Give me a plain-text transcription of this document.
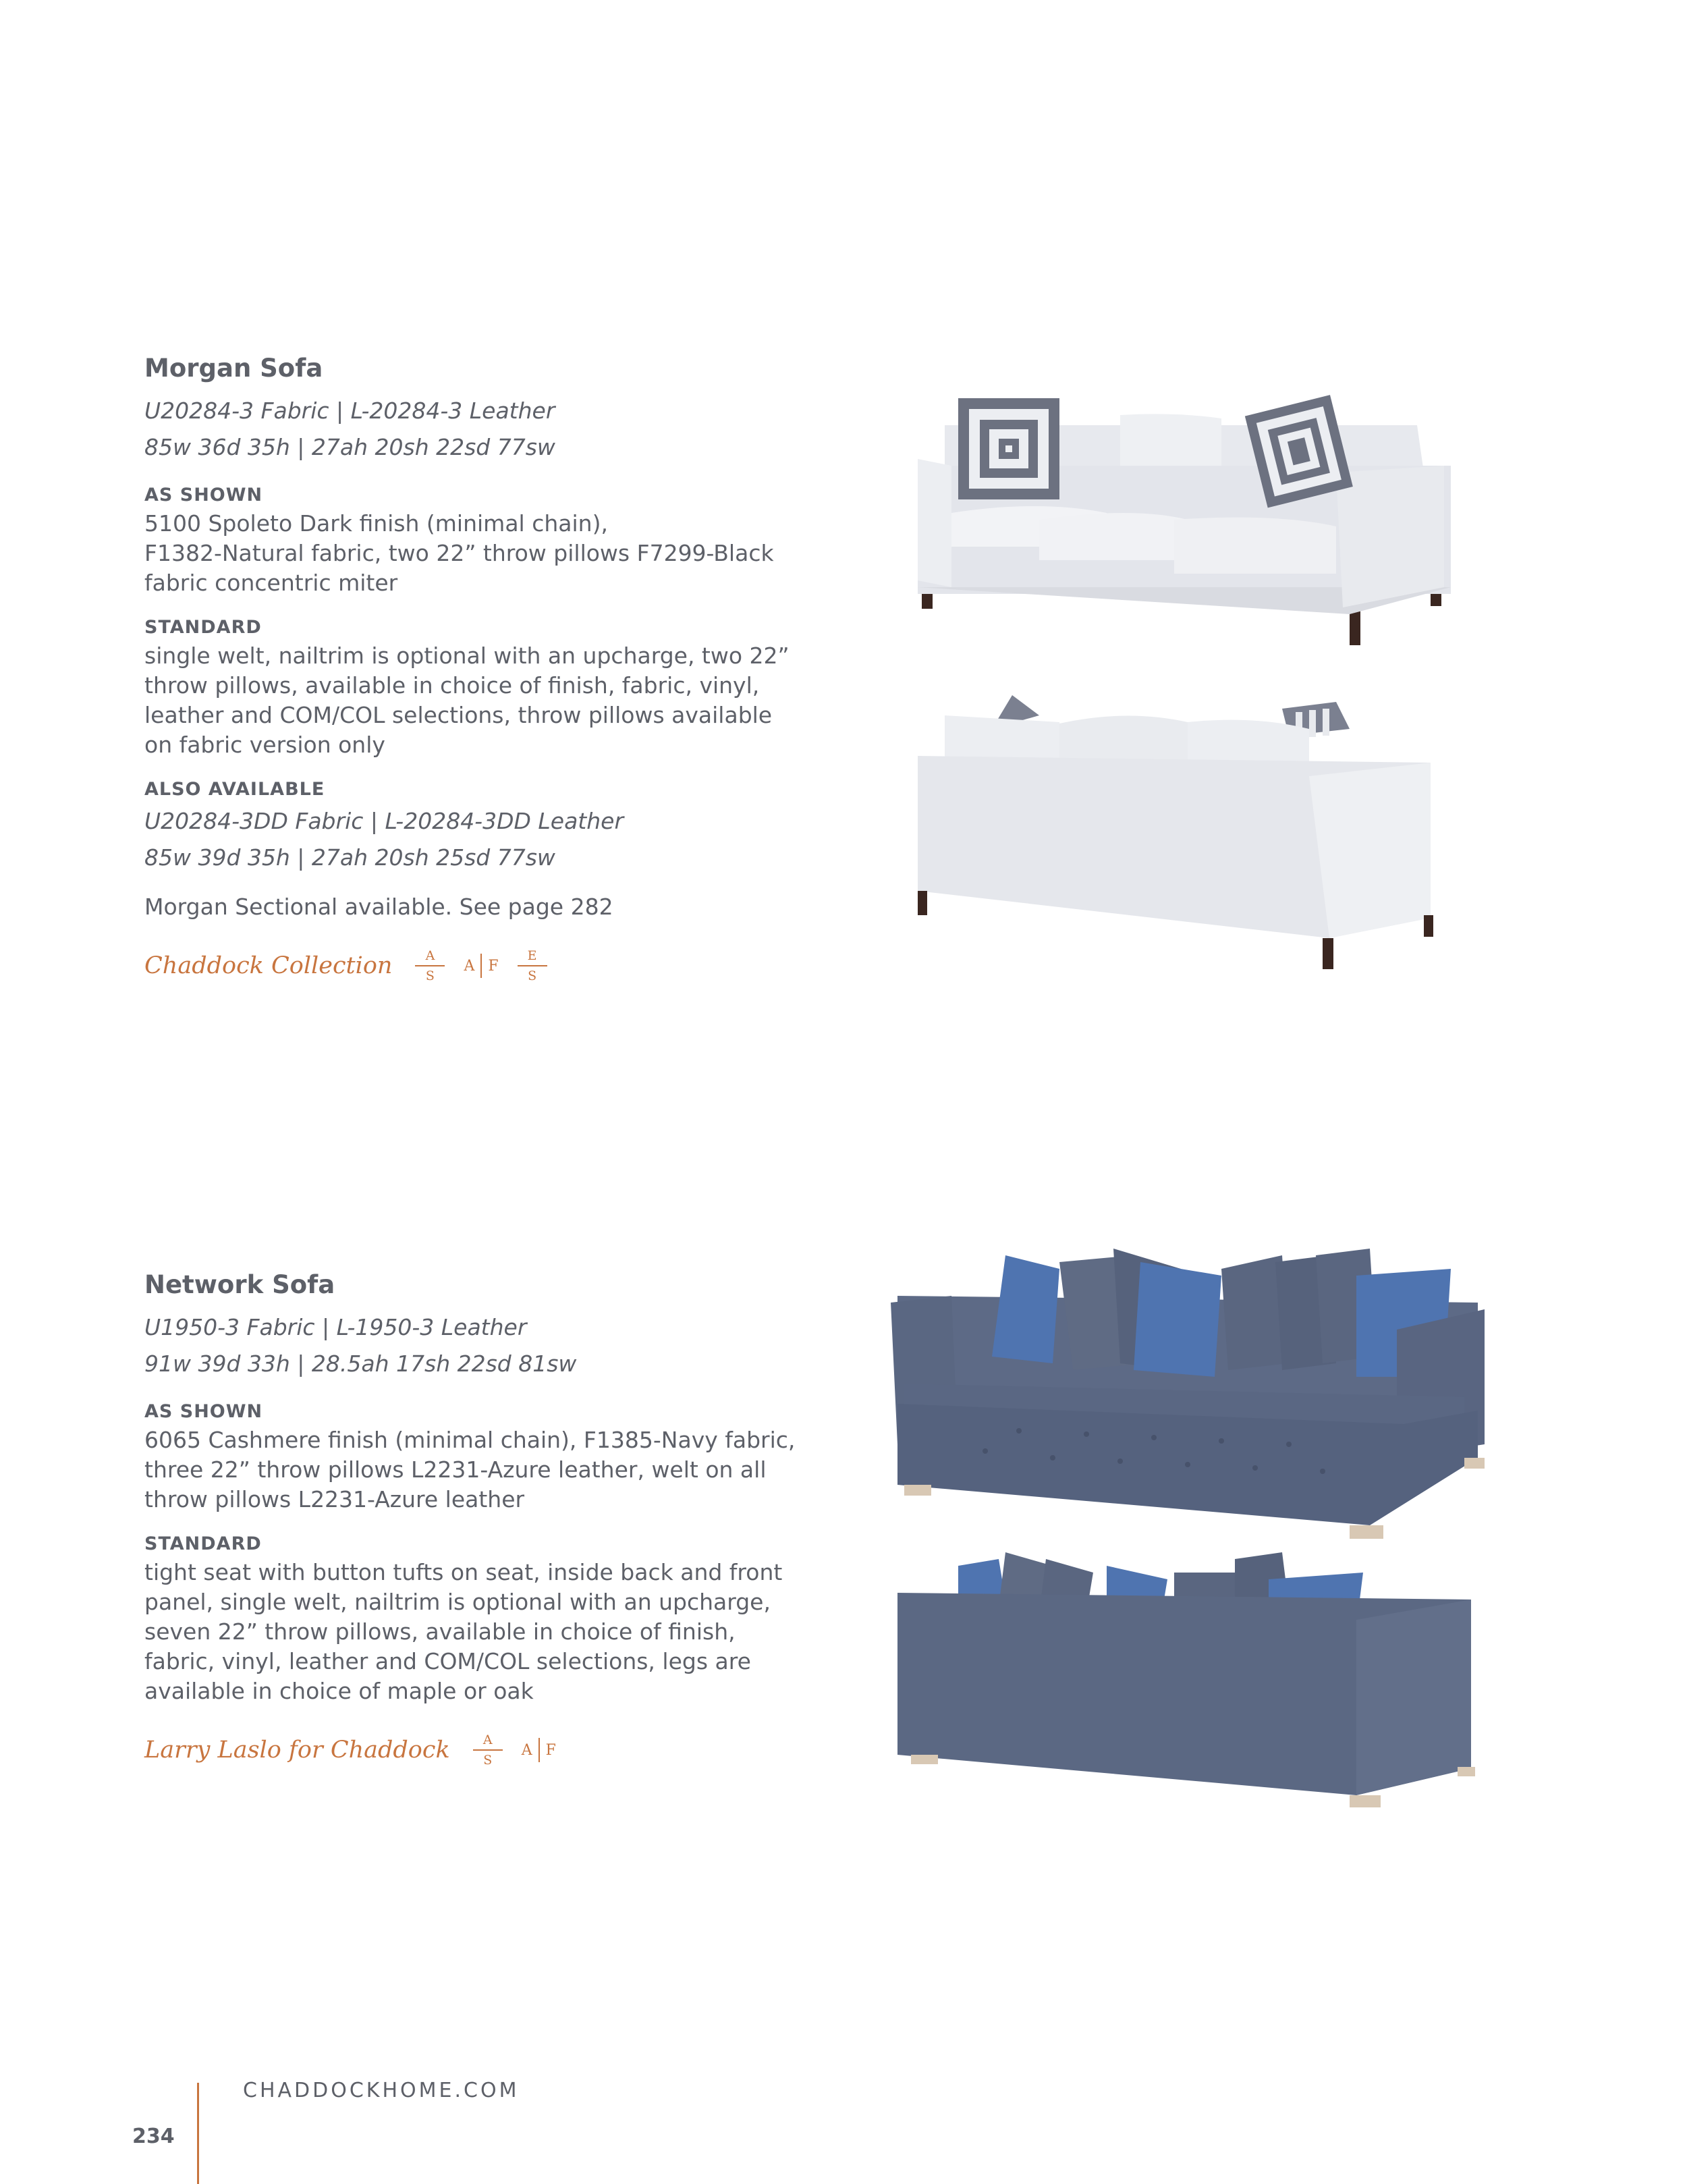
Morgan Sofa

U20284-3 Fabric | L-20284-3 Leather

85w 36d 35h | 27ah 20sh 22sd 77sw

AS SHOWN

5100 Spoleto Dark finish (minimal chain),

F1382-Natural fabric, two 22” throw pillows F7299-Black

fabric concentric miter

STANDARD

single welt, nailtrim is optional with an upcharge, two 22”

throw pillows, available in choice of finish, fabric, vinyl,

leather and COM/COL selections, throw pillows available

on fabric version only

ALSO AVAILABLE

U20284-3DD Fabric | L-20284-3DD Leather

85w 39d 35h | 27ah 20sh 25sd 77sw

Morgan Sectional available. See page 282

Chaddock Collection $\frac{A}{S}$ A F $\frac{E}{S}$
Network Sofa

U1950-3 Fabric | L-1950-3 Leather

91w 39d 33h | 28.5ah 17sh 22sd 81sw

AS SHOWN

6065 Cashmere finish (minimal chain), F1385-Navy fabric,

three 22” throw pillows L2231-Azure leather, welt on all

throw pillows L2231-Azure leather

STANDARD

tight seat with button tufts on seat, inside back and front

panel, single welt, nailtrim is optional with an upcharge,

seven 22” throw pillows, available in choice of finish,

fabric, vinyl, leather and COM/COL selections, legs are

available in choice of maple or oak

Larry Laslo for Chaddock $\frac{A}{S}$ A F
CHADDOCKHOME.COM
234
